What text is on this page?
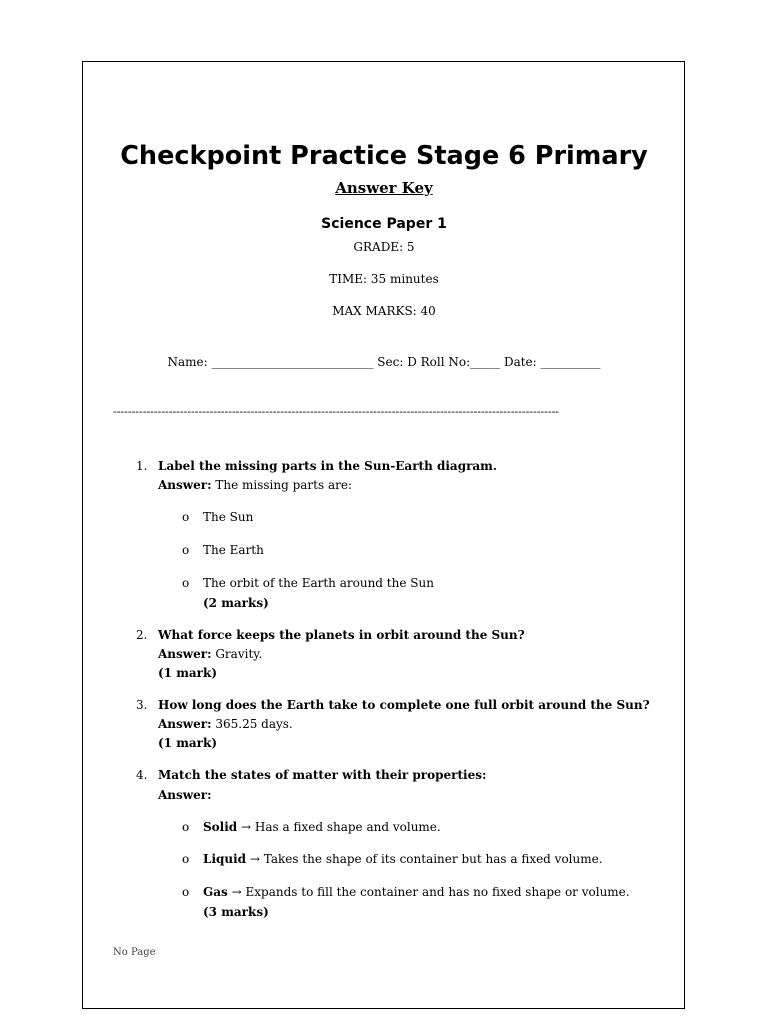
Checkpoint Practice Stage 6 Primary
Answer Key
Science Paper 1
GRADE: 5
TIME: 35 minutes
MAX MARKS: 40
Name: ___________________________ Sec: D Roll No:_____ Date: __________
------------------------------------------------------------------------------------------------------------------------
1. Label the missing parts in the Sun-Earth diagram.
Answer: The missing parts are:
o The Sun
o The Earth
o The orbit of the Earth around the Sun
(2 marks)
2. What force keeps the planets in orbit around the Sun?
Answer: Gravity.
(1 mark)
3. How long does the Earth take to complete one full orbit around the Sun?
Answer: 365.25 days.
(1 mark)
4. Match the states of matter with their properties:
Answer:
o Solid → Has a fixed shape and volume.
o Liquid → Takes the shape of its container but has a fixed volume.
o Gas → Expands to fill the container and has no fixed shape or volume.
(3 marks)
No Page
